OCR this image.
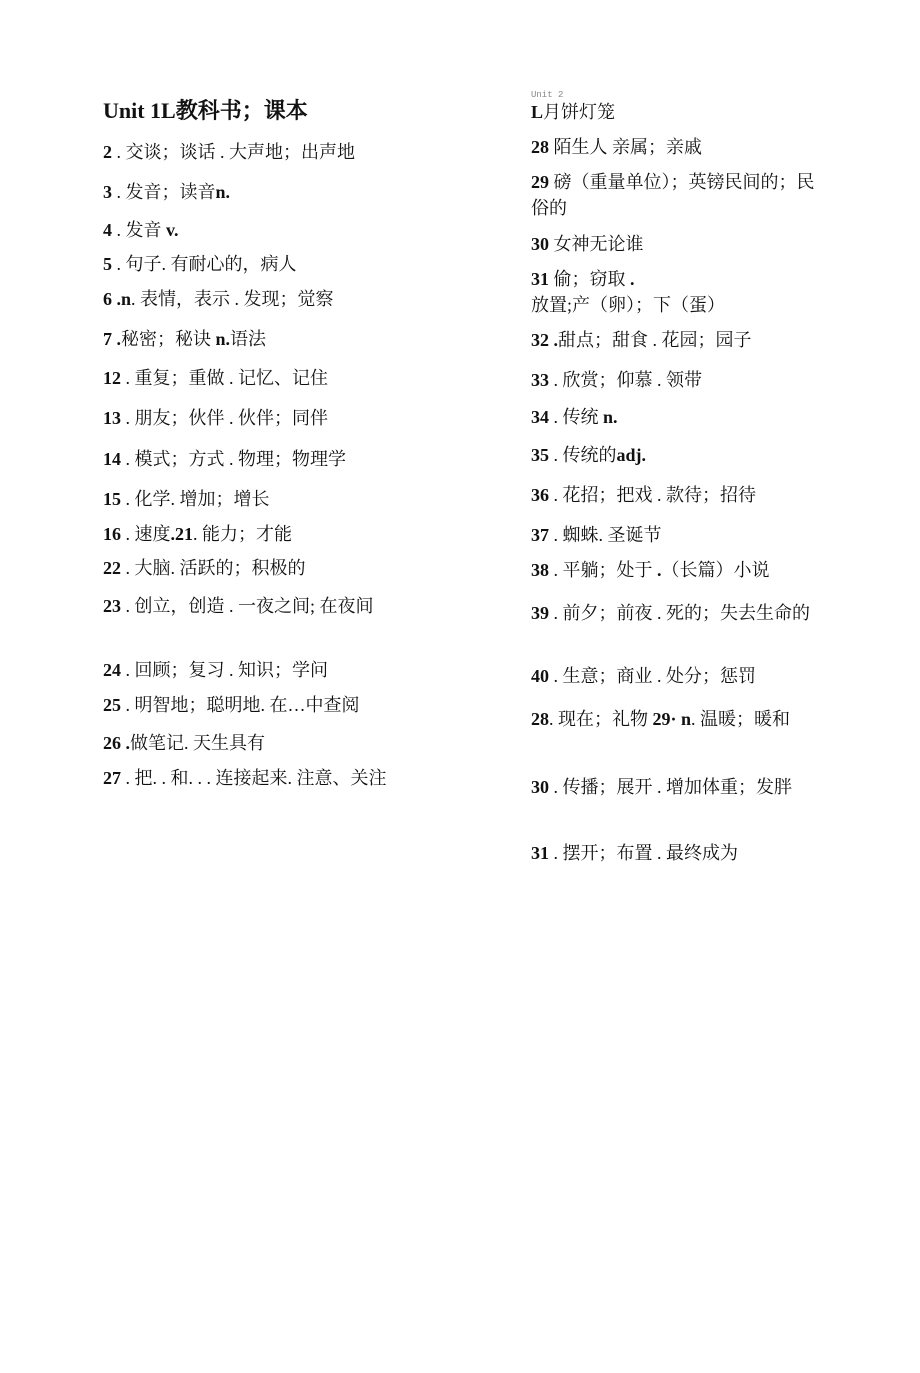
Unit 1L教科书；课本
2 . 交谈；谈话 . 大声地；出声地
3 . 发音；读音n.
4 . 发音 v.
5 . 句子. 有耐心的，病人
6 .n. 表情，表示 . 发现；觉察
7 .秘密；秘诀 n.语法
12 . 重复；重做 . 记忆、记住
13 . 朋友；伙伴 . 伙伴；同伴
14 . 模式；方式 . 物理；物理学
15 . 化学. 增加；增长
16 . 速度.21. 能力；才能
22 . 大脑. 活跃的；积极的
23 . 创立，创造 . 一夜之间; 在夜间
24 . 回顾；复习 . 知识；学问
25 . 明智地；聪明地. 在…中查阅
26 .做笔记. 天生具有
27 . 把. . 和. . . 连接起来. 注意、关注
Unit 2
L月饼灯笼
28 陌生人 亲属；亲戚
29 磅（重量单位）；英镑民间的；民俗的
30 女神无论谁
31 偷；窃取 .放置;产（卵）；下（蛋）
32 .甜点；甜食 . 花园；园子
33 . 欣赏；仰慕 . 领带
34 . 传统 n.
35 . 传统的adj.
36 . 花招；把戏 . 款待；招待
37 . 蜘蛛. 圣诞节
38 . 平躺；处于 .（长篇）小说
39 . 前夕；前夜 . 死的；失去生命的
40 . 生意；商业 . 处分；惩罚
28. 现在；礼物 29· n. 温暖；暖和
30 . 传播；展开 . 增加体重；发胖
31 . 摆开；布置 . 最终成为
